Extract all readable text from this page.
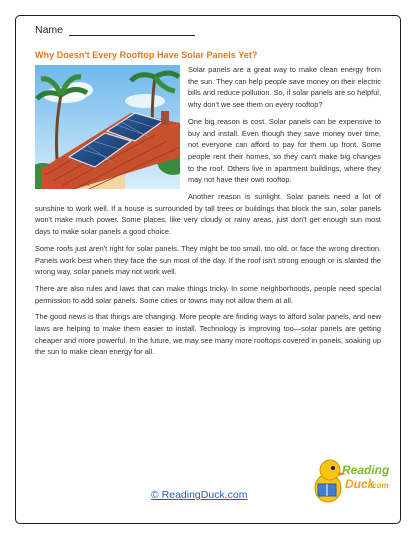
Name
Why Doesn't Every Rooftop Have Solar Panels Yet?

Solar panels are a great way to make clean energy from the sun. They can help people save money on their electric bills and reduce pollution. So, if solar panels are so helpful, why don't we see them on every rooftop?

One big reason is cost. Solar panels can be expensive to buy and install. Even though they save money over time, not everyone can afford to pay for them up front. Some people rent their homes, so they can't make big changes to the roof. Others live in apartment buildings, where they may not have their own rooftop.

Another reason is sunlight. Solar panels need a lot of sunshine to work well. If a house is surrounded by tall trees or buildings that block the sun, solar panels won't make much power. Some places, like very cloudy or rainy areas, just don't get enough sun most days to make solar panels a good choice.

Some roofs just aren't right for solar panels. They might be too small, too old, or face the wrong direction. Panels work best when they face the sun most of the day. If the roof isn't strong enough or is slanted the wrong way, solar panels may not work well.

There are also rules and laws that can make things tricky. In some neighborhoods, people need special permission to add solar panels. Some cities or towns may not allow them at all.

The good news is that things are changing. More people are finding ways to afford solar panels, and new laws are helping to make them easier to install. Technology is improving too—solar panels are getting cheaper and more powerful. In the future, we may see many more rooftops covered in panels, soaking up the sun to make clean energy for all.

© ReadingDuck.com
Reading
Duck
.com
